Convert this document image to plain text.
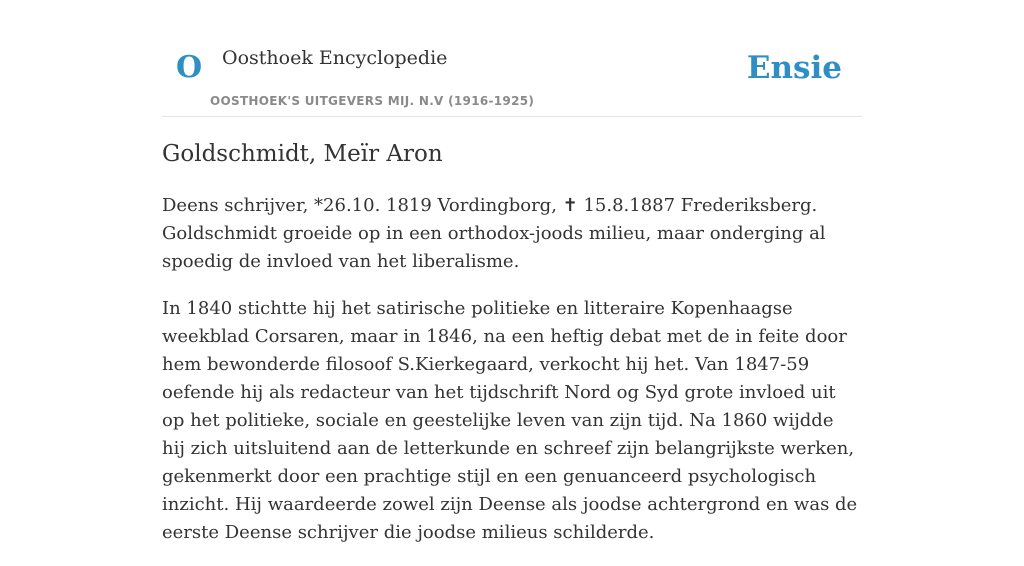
O Oosthoek Encyclopedie
OOSTHOEK'S UITGEVERS MIJ. N.V (1916-1925)
Ensie
Goldschmidt, Meïr Aron

Deens schrijver, *26.10. 1819 Vordingborg, ✝ 15.8.1887 Frederiksberg. Goldschmidt groeide op in een orthodox-joods milieu, maar onderging al spoedig de invloed van het liberalisme.

In 1840 stichtte hij het satirische politieke en litteraire Kopenhaagse weekblad Corsaren, maar in 1846, na een heftig debat met de in feite door hem bewonderde filosoof S.Kierkegaard, verkocht hij het. Van 1847-59 oefende hij als redacteur van het tijdschrift Nord og Syd grote invloed uit op het politieke, sociale en geestelijke leven van zijn tijd. Na 1860 wijdde hij zich uitsluitend aan de letterkunde en schreef zijn belangrijkste werken, gekenmerkt door een prachtige stijl en een genuanceerd psychologisch inzicht. Hij waardeerde zowel zijn Deense als joodse achtergrond en was de eerste Deense schrijver die joodse milieus schilderde.
